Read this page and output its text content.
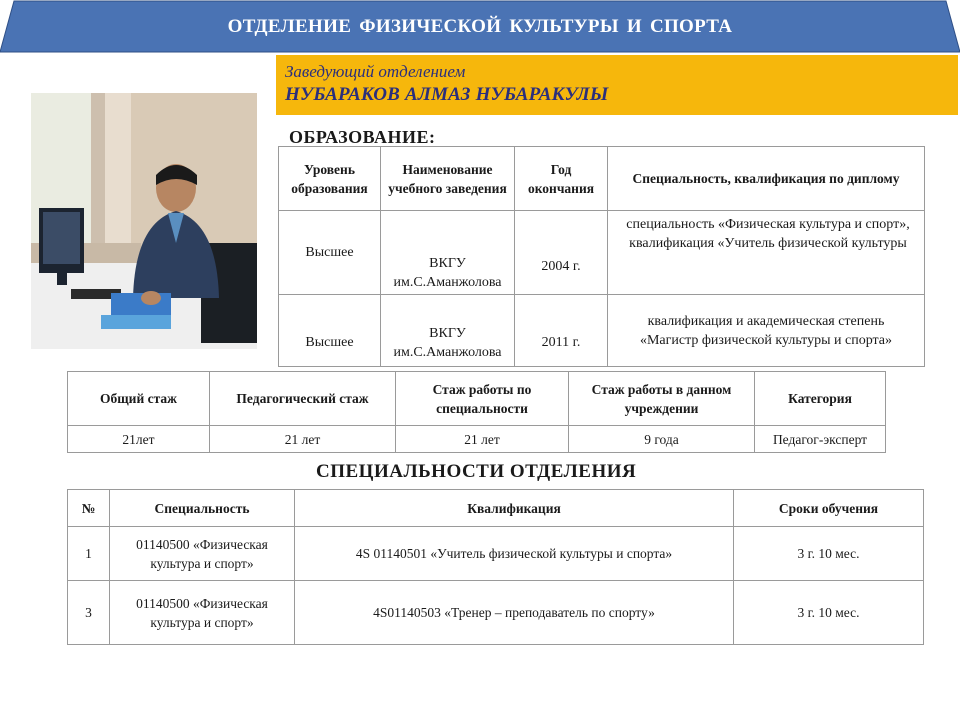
ОТДЕЛЕНИЕ ФИЗИЧЕСКОЙ КУЛЬТУРЫ И СПОРТА
Заведующий отделением
НУБАРАКОВ АЛМАЗ НУБАРАКУЛЫ
ОБРАЗОВАНИЕ:
Уровень образования	Наименование учебного заведения	Год окончания	Специальность, квалификация по диплому
Высшее	ВКГУ им.С.Аманжолова	2004 г.	специальность «Физическая культура и спорт», квалификация «Учитель физической культуры
Высшее	ВКГУ им.С.Аманжолова	2011 г.	квалификация и академическая степень «Магистр физической культуры и спорта»
Общий стаж	Педагогический стаж	Стаж работы по специальности	Стаж работы в данном учреждении	Категория
21лет	21 лет	21 лет	9 года	Педагог-эксперт
СПЕЦИАЛЬНОСТИ ОТДЕЛЕНИЯ
№	Специальность	Квалификация	Сроки обучения
1	01140500 «Физическая культура и спорт»	4S 01140501 «Учитель физической культуры и спорта»	3 г. 10 мес.
3	01140500 «Физическая культура и спорт»	4S01140503 «Тренер – преподаватель по спорту»	3 г. 10 мес.
